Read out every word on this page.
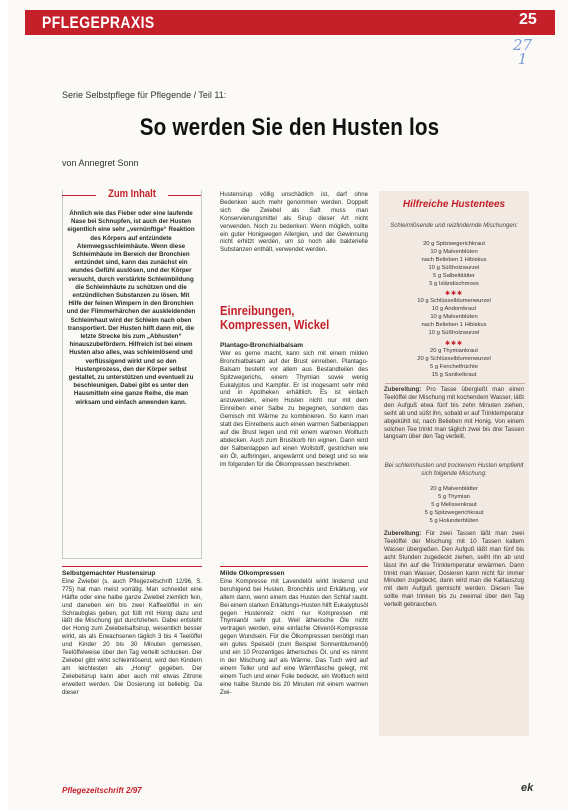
PFLEGEPRAXIS	25
27
1
Serie Selbstpflege für Pflegende / Teil 11:
So werden Sie den Husten los
von Annegret Sonn
Zum Inhalt
Ähnlich wie das Fieber oder eine laufende Nase bei Schnupfen, ist auch der Husten eigentlich eine sehr „vernünftige“ Reaktion des Körpers auf entzündete Atemwegsschleimhäute. Wenn diese Schleimhäute im Bereich der Bronchien entzündet sind, kann das zunächst ein wundes Gefühl auslösen, und der Körper versucht, durch verstärkte Schleimbildung die Schleimhäute zu schützen und die entzündlichen Substanzen zu lösen. Mit Hilfe der feinen Wimpern in den Bronchien und der Flimmerhärchen der auskleidenden Schleimhaut wird der Schleim nach oben transportiert. Der Husten hilft dann mit, die letzte Strecke bis zum „Abhusten“ hinauszubefördern. Hilfreich ist bei einem Husten also alles, was schleimlösend und verflüssigend wirkt und so den Hustenprozess, den der Körper selbst gestaltet, zu unterstützen und eventuell zu beschleunigen. Dabei gibt es unter den Hausmitteln eine ganze Reihe, die man wirksam und einfach anwenden kann.

Selbstgemachter Hustensirup

Eine Zwiebel (s. auch Pflegezeitschrift 12/96, S. 775) hat man meist vorrätig. Man schneidet eine Hälfte oder eine halbe ganze Zwiebel ziemlich fein, und daneben ein bis zwei Kaffeelöffel in ein Schraubglas geben, gut füllt mit Honig dazu und läßt die Mischung gut durchziehen. Dabei entsteht der Honig zum Zwiebelsaftsirup, wesentlich besser wirkt, als als Erwachsenen täglich 3 bis 4 Teelöffel und Kinder 20 bis 30 Minuten gemessen, Teelöffelweise über den Tag verteilt schlucken. Der Zwiebel gibt wirkt schleimlösend, wird den Kindern am leichtesten als „Honig“ gegeben. Der Zwiebelsirup kann aber auch mit etwas Zitrone erweitert werden. Die Dosierung ist beliebig. Da dieser

Hustensirup völlig unschädlich ist, darf ohne Bedenken auch mehr genommen werden. Doppelt sich die Zwiebel als Saft muss man Konservierungsmittel als Sirup dieser Art nicht verwenden. Noch zu bedenken: Wenn möglich, sollte ein guter Honigwegen Allergien, und der Gewinnung nicht erhitzt werden, um so noch alle bakterielle Substanzen enthält, verwendet werden.

Einreibungen, Kompressen, Wickel

Plantago-Bronchialbalsam

Wer es gerne macht, kann sich mit einem milden Bronchialbalsam auf der Brust einreiben. Plantago-Balsam besteht vor allem aus Bestandteilen des Spitzwegerichs, einem Thymian sowie wenig Eukalyptus und Kampfer. Er ist insgesamt sehr mild und in Apotheken erhältlich. Es ist einfach anzuwenden, einem Husten nicht nur mit dem Einreiben einer Salbe zu begegnen, sondern das Gemisch mit Wärme zu kombinieren. So kann man statt des Einreibens auch einen warmen Salbenlappen auf die Brust legen und mit einem warmen Wolltuch abdecken. Auch zum Brustkorb hin eignen. Dann wird der Salbenlappen auf einen Wollstoff, gestrichen wie ein Öl, aufbringen, angewärmt und belegt und so wie im folgenden für die Ölkompressen beschrieben.

Milde Ölkompressen

Eine Kompresse mit Lavendelöl wirkt lindernd und beruhigend bei Husten, Bronchitis und Erkältung, vor allem dann, wenn einem das Husten den Schlaf raubt. Bei einem starken Erkältungs-Husten hilft Eukalyptusöl gegen Hustenreiz nicht nur Kompressen mit Thymianöl sehr gut. Weil ätherische Öle nicht vertragen werden, eine einfache Olivenöl-Kompresse gegen Wundsein. Für die Ölkompressen benötigt man ein gutes Speiseöl (zum Beispiel Sonnenblumenöl) und ein 10 Prozentiges ätherisches Öl, und es nimmt in der Mischung auf als Wärme. Das Tuch wird auf einem Teller und auf eine Wärmflasche gelegt, mit einem Tuch und einer Folie bedeckt, ein Wolltuch wird eine halbe Stunde bis 20 Minuten mit einem warmen Zwi-

Hilfreiche Hustentees
Schleimlösende und reizlindernde Mischungen:
20 g Spitzwegerichkraut
10 g Malvenblüten
nach Belieben 1 Hibiskus
10 g Süßholzwurzel
5 g Salbeiblätter
5 g Isländischmoos
✱✱✱
10 g Schlüsselblumenwurzel
10 g Andornkraut
10 g Malvenblüten
nach Belieben 1 Hibiskus
10 g Süßholzwurzel
✱✱✱
20 g Thymiankraut
20 g Schlüsselblumenwurzel
5 g Fenchelfrüchte
15 g Sanikelkraut
Zubereitung: Pro Tasse übergießt man einen Teelöffel der Mischung mit kochendem Wasser, läßt den Aufguß etwa fünf bis zehn Minuten ziehen, seiht ab und süßt ihn, sobald er auf Trinktemperatur abgekühlt ist, nach Belieben mit Honig. Von einem solchen Tee trinkt man täglich zwei bis drei Tassen langsam über den Tag verteilt.
Bei schleimhusten und trockenem Husten empfiehlt sich folgende Mischung:
20 g Malvenblätter
5 g Thymian
5 g Melissenkraut
5 g Spitzwegerichkraut
5 g Holunderblüten
Zubereitung: Für zwei Tassen läßt man zwei Teelöffel der Mischung mit 10 Tassen kaltem Wasser übergießen. Den Aufguß läßt man fünf bis acht Stunden zugedeckt ziehen, seiht ihn ab und lässt ihn auf die Trinktemperatur erwärmen. Dann trinkt man Wasser, Dosieren kann nicht für immer Minuten zugedeckt, dann wird man die Kaltauszug mit dem Aufguß gemischt werden. Diesen Tee sollte man trinken bis zu zweimal über den Tag verteilt gebrauchen.
Pflegezeitschrift 2/97	ek
